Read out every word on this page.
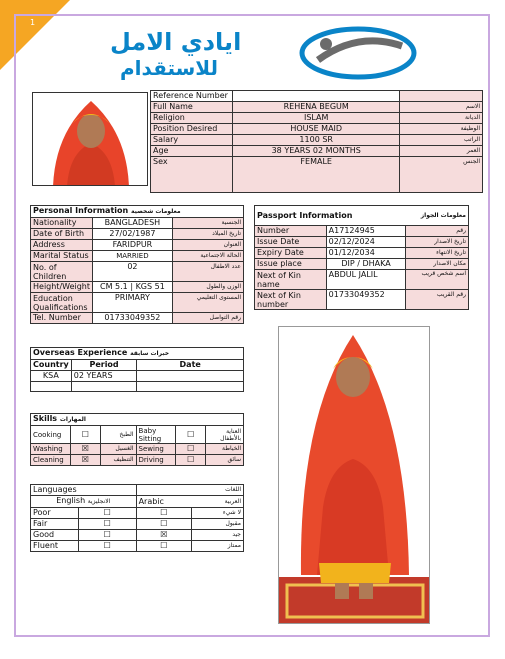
1
ايادي الامل
للاستقدام
Reference Number		
Full Name	REHENA BEGUM	الاسم
Religion	ISLAM	الديانة
Position Desired	HOUSE MAID	الوظيفة
Salary	1100 SR	الراتب
Age	38 YEARS 02 MONTHS	العمر
Sex	FEMALE	الجنس
Personal Information معلومات شخصية		
Nationality	BANGLADESH	الجنسية
Date of Birth	27/02/1987	تاريخ الميلاد
Address	FARIDPUR	العنوان
Marital Status	MARRIED	الحالة الاجتماعية
No. of Children	02	عدد الاطفال
Height/Weight	CM 5.1 | KGS 51	الوزن والطول
Education Qualifications	PRIMARY	المستوى التعليمي
Tel. Number	01733049352	رقم التواصل
Passport Information معلومات الجواز		

Number	A17124945	رقم
Issue Date	02/12/2024	تاريخ الاصدار
Expiry Date	01/12/2034	تاريخ الانتهاء
Issue place	DIP / DHAKA	مكان الاصدار
Next of Kin name	ABDUL JALIL	اسم شخص قريب
Next of Kin number	01733049352	رقم القريب
Overseas Experience خبرات سابقة		
Country	Period	Date
KSA	02 YEARS	

Skills المهارات					
Cooking	☐	الطبخ	Baby Sitting	☐	العناية بالأطفال
Washing	☒	الغسيل	Sewing	☐	الخياطة
Cleaning	☒	التنظيف	Driving	☐	سائق
Languages		اللغات	
English الانجليزية		Arabic العربية	

Poor	☐	☐	لا شيء
Fair	☐	☐	مقبول
Good	☐	☒	جيد
Fluent	☐	☐	ممتاز
